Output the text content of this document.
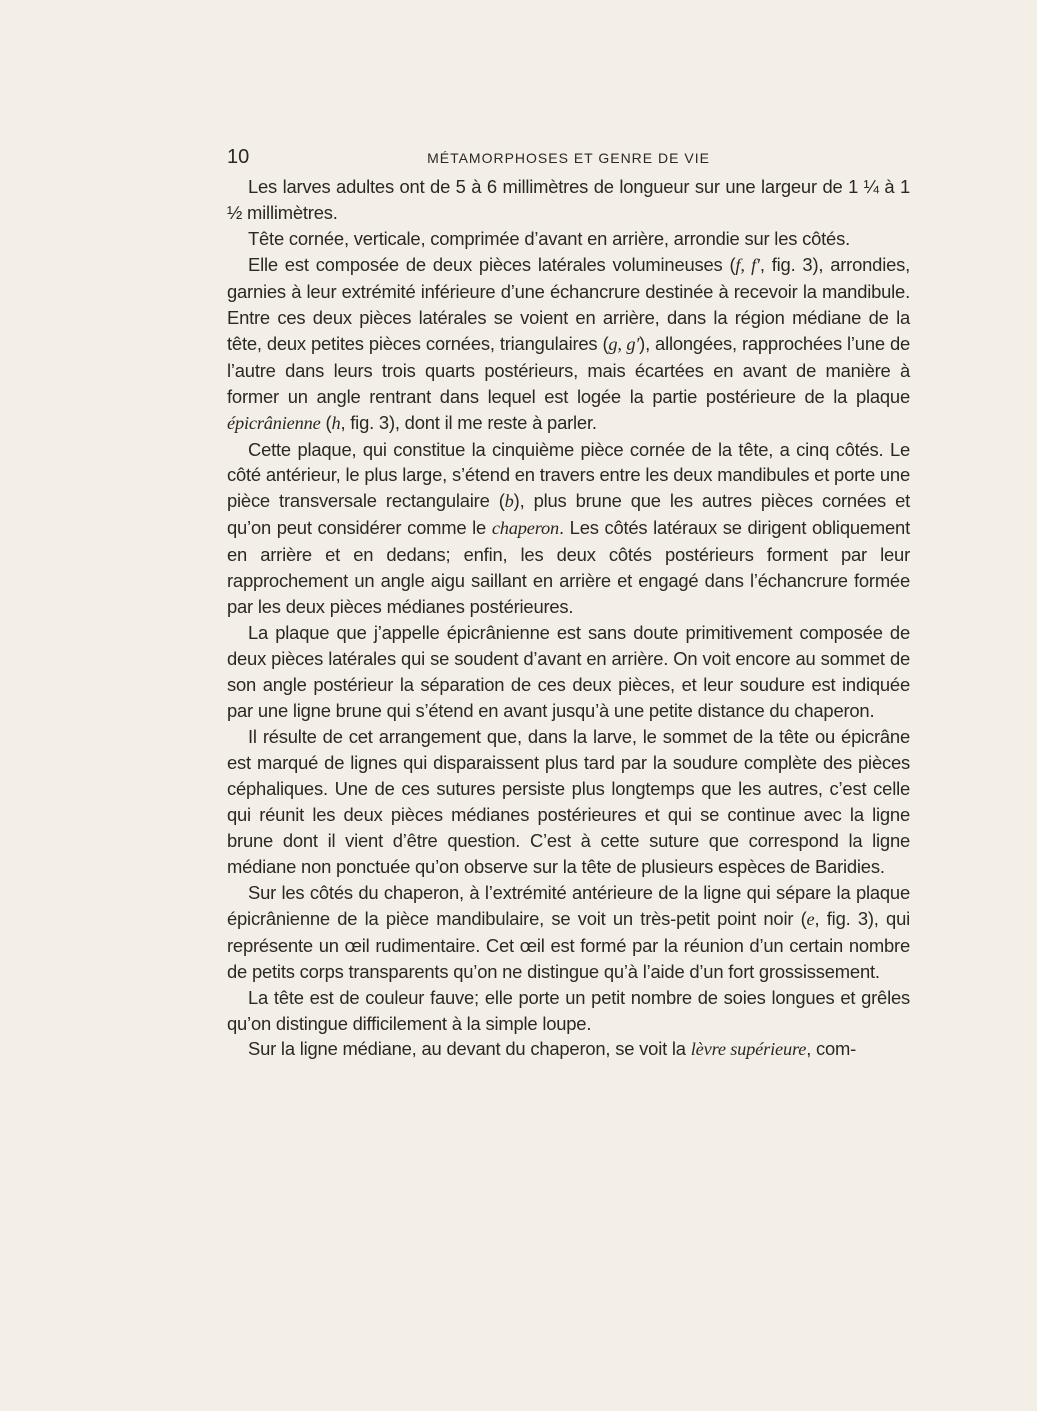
10	MÉTAMORPHOSES ET GENRE DE VIE

Les larves adultes ont de 5 à 6 millimètres de longueur sur une largeur de 1 ¼ à 1 ½ millimètres.

Tête cornée, verticale, comprimée d’avant en arrière, arrondie sur les côtés.

Elle est composée de deux pièces latérales volumineuses (f, f′, fig. 3), arrondies, garnies à leur extrémité inférieure d’une échancrure destinée à recevoir la mandibule. Entre ces deux pièces latérales se voient en arrière, dans la région médiane de la tête, deux petites pièces cornées, triangulaires (g, g′), allongées, rapprochées l’une de l’autre dans leurs trois quarts postérieurs, mais écartées en avant de manière à former un angle rentrant dans lequel est logée la partie postérieure de la plaque épicrânienne (h, fig. 3), dont il me reste à parler.

Cette plaque, qui constitue la cinquième pièce cornée de la tête, a cinq côtés. Le côté antérieur, le plus large, s’étend en travers entre les deux mandibules et porte une pièce transversale rectangulaire (b), plus brune que les autres pièces cornées et qu’on peut considérer comme le chaperon. Les côtés latéraux se dirigent obliquement en arrière et en dedans; enfin, les deux côtés postérieurs forment par leur rapprochement un angle aigu saillant en arrière et engagé dans l’échancrure formée par les deux pièces médianes postérieures.

La plaque que j’appelle épicrânienne est sans doute primitivement composée de deux pièces latérales qui se soudent d’avant en arrière. On voit encore au sommet de son angle postérieur la séparation de ces deux pièces, et leur soudure est indiquée par une ligne brune qui s’étend en avant jusqu’à une petite distance du chaperon.

Il résulte de cet arrangement que, dans la larve, le sommet de la tête ou épicrâne est marqué de lignes qui disparaissent plus tard par la soudure complète des pièces céphaliques. Une de ces sutures persiste plus longtemps que les autres, c’est celle qui réunit les deux pièces médianes postérieures et qui se continue avec la ligne brune dont il vient d’être question. C’est à cette suture que correspond la ligne médiane non ponctuée qu’on observe sur la tête de plusieurs espèces de Baridies.

Sur les côtés du chaperon, à l’extrémité antérieure de la ligne qui sépare la plaque épicrânienne de la pièce mandibulaire, se voit un très-petit point noir (e, fig. 3), qui représente un œil rudimentaire. Cet œil est formé par la réunion d’un certain nombre de petits corps transparents qu’on ne distingue qu’à l’aide d’un fort grossissement.

La tête est de couleur fauve; elle porte un petit nombre de soies longues et grêles qu’on distingue difficilement à la simple loupe.

Sur la ligne médiane, au devant du chaperon, se voit la lèvre supérieure, com-
